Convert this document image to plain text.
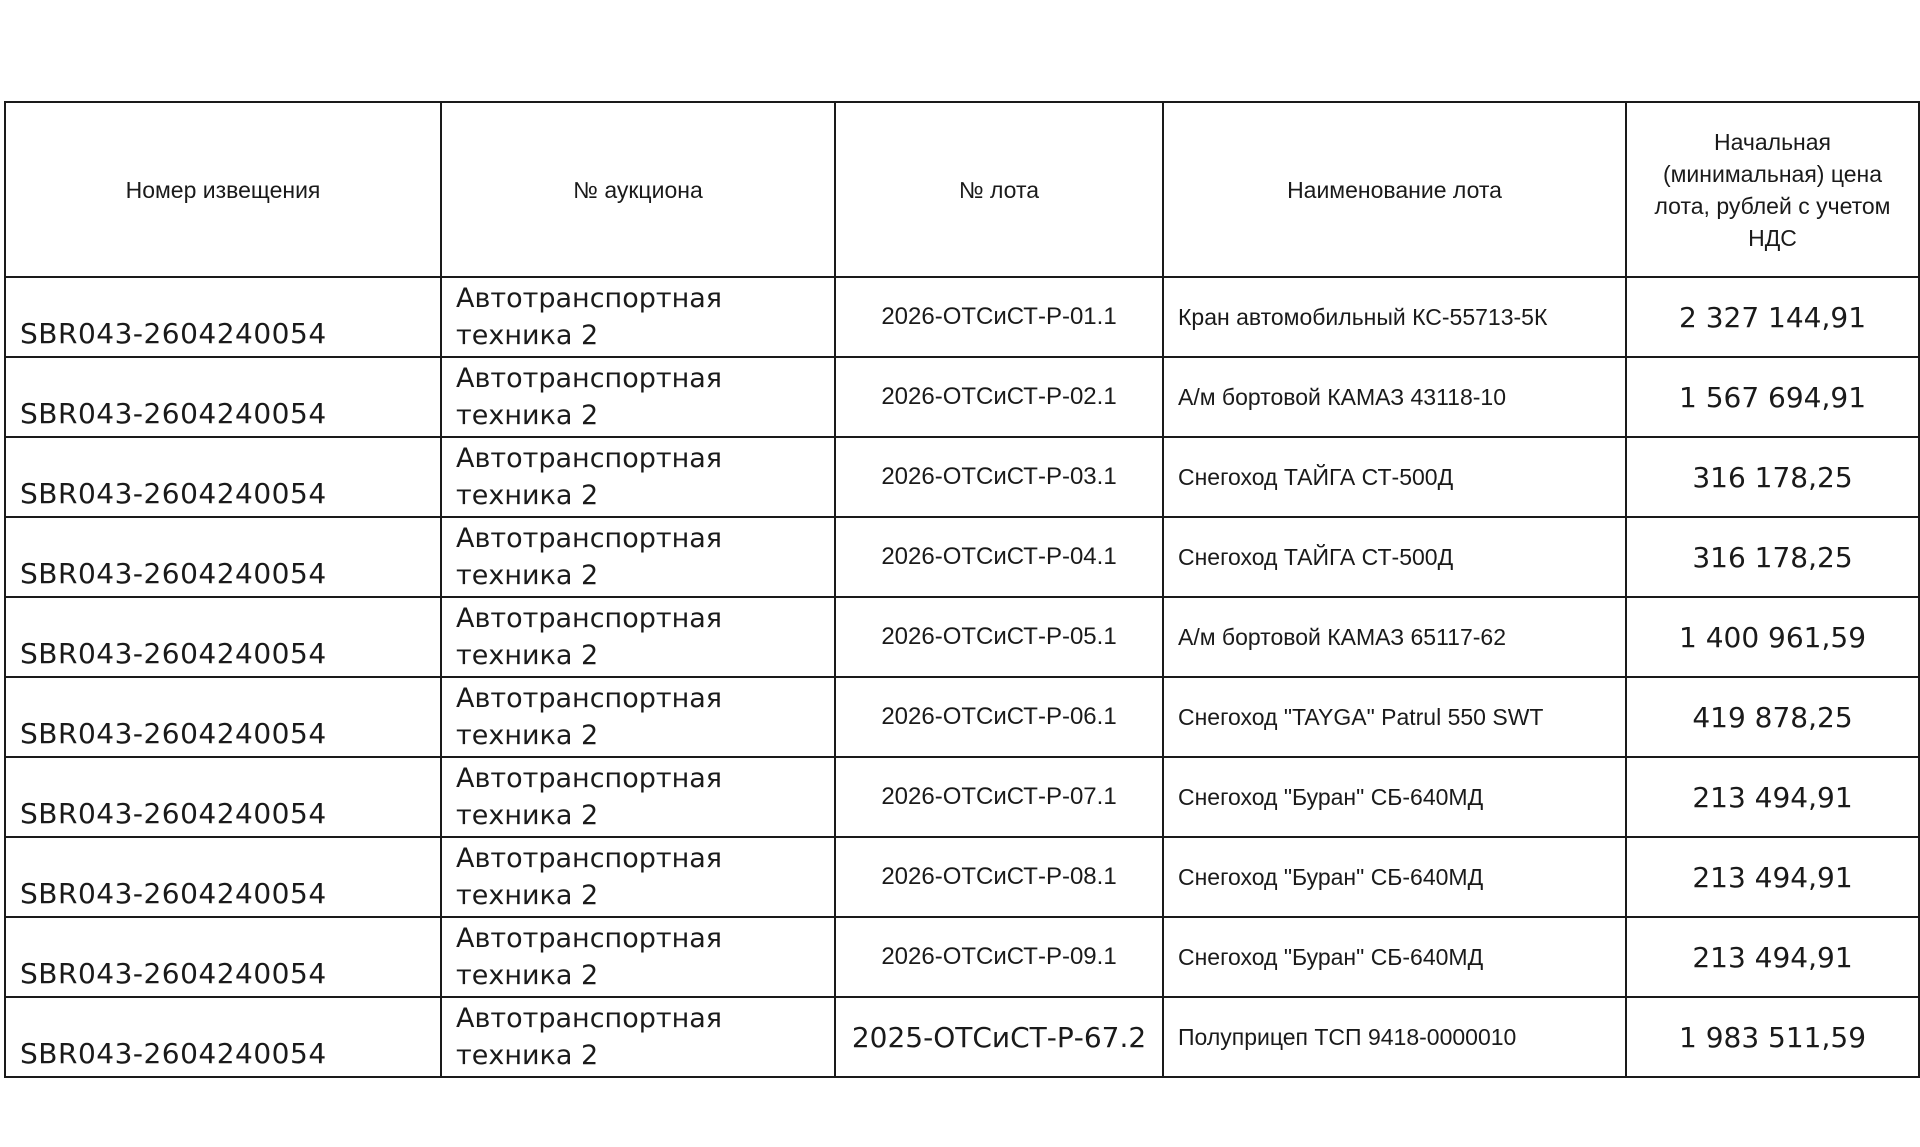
Номер извещения	№ аукциона	№ лота	Наименование лота	Начальная (минимальная) цена лота, рублей с учетом НДС
SBR043-2604240054	Автотранспортная техника 2	2026-ОТСиСТ-Р-01.1	Кран автомобильный КС-55713-5К	2 327 144,91
SBR043-2604240054	Автотранспортная техника 2	2026-ОТСиСТ-Р-02.1	А/м бортовой КАМАЗ 43118-10	1 567 694,91
SBR043-2604240054	Автотранспортная техника 2	2026-ОТСиСТ-Р-03.1	Снегоход ТАЙГА СТ-500Д	316 178,25
SBR043-2604240054	Автотранспортная техника 2	2026-ОТСиСТ-Р-04.1	Снегоход ТАЙГА СТ-500Д	316 178,25
SBR043-2604240054	Автотранспортная техника 2	2026-ОТСиСТ-Р-05.1	А/м бортовой КАМАЗ 65117-62	1 400 961,59
SBR043-2604240054	Автотранспортная техника 2	2026-ОТСиСТ-Р-06.1	Снегоход "TAYGA" Patrul 550 SWT	419 878,25
SBR043-2604240054	Автотранспортная техника 2	2026-ОТСиСТ-Р-07.1	Снегоход "Буран" СБ-640МД	213 494,91
SBR043-2604240054	Автотранспортная техника 2	2026-ОТСиСТ-Р-08.1	Снегоход "Буран" СБ-640МД	213 494,91
SBR043-2604240054	Автотранспортная техника 2	2026-ОТСиСТ-Р-09.1	Снегоход "Буран" СБ-640МД	213 494,91
SBR043-2604240054	Автотранспортная техника 2	2025-ОТСиСТ-Р-67.2	Полуприцеп ТСП 9418-0000010	1 983 511,59
